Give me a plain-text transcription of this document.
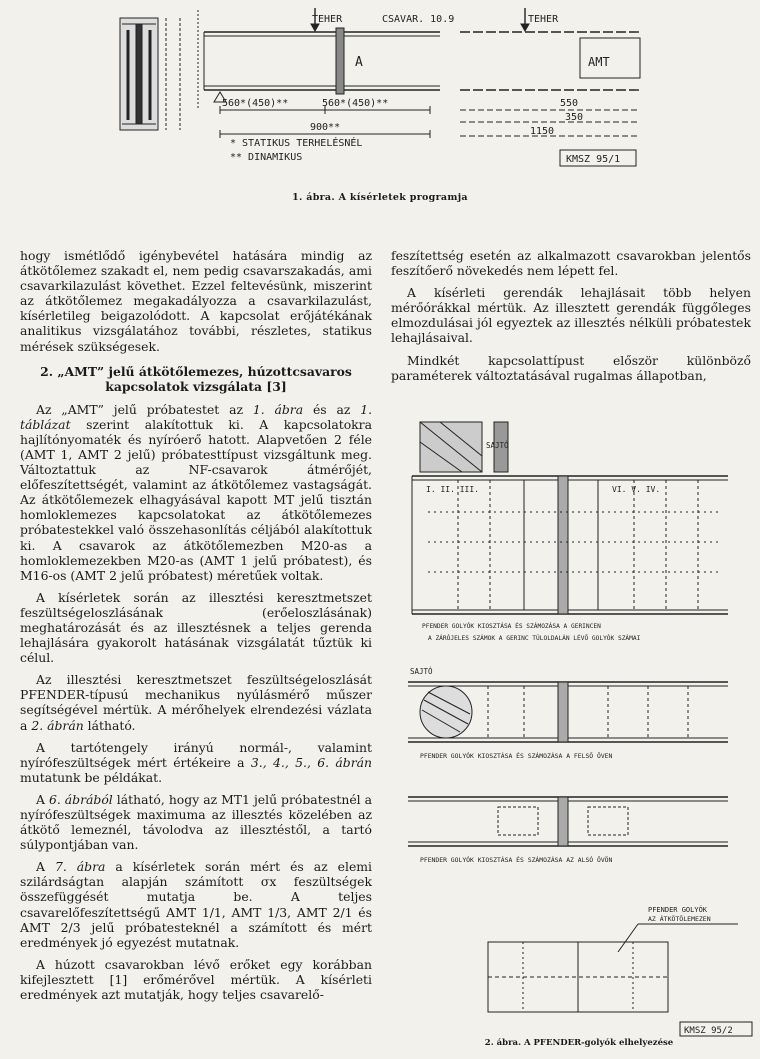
TEHER	CSAVAR. 10.9	TEHER
A	AMT
560*(450)**	560*(450)**
900**
550
350
1150
* STATIKUS TERHELÉSNÉL
** DINAMIKUS	KMSZ 95/1
1. ábra. A kísérletek programja

hogy ismétlődő igénybevétel hatására mindig az átkötőlemez szakadt el, nem pedig csavarszakadás, ami csavarkilazulást követhet. Ezzel feltevésünk, miszerint az átkötőlemez megakadályozza a csavarkilazulást, kísérletileg beigazolódott. A kapcsolat erőjátékának analitikus vizsgálatához további, részletes, statikus mérések szükségesek.

2. „AMT” jelű átkötőlemezes, húzottcsavaros kapcsolatok vizsgálata [3]

Az „AMT” jelű próbatestet az 1. ábra és az 1. táblázat szerint alakítottuk ki. A kapcsolatokra hajlítónyomaték és nyíróerő hatott. Alapvetően 2 féle (AMT 1, AMT 2 jelű) próbatesttípust vizsgáltunk meg. Változtattuk az NF-csavarok átmérőjét, előfeszítettségét, valamint az átkötőlemez vastagságát. Az átkötőlemezek elhagyásával kapott MT jelű tisztán homloklemezes kapcsolatokat az átkötőlemezes próbatestekkel való összehasonlítás céljából alakítottuk ki. A csavarok az átkötőlemezben M20-as a homloklemezekben M20-as (AMT 1 jelű próbatest), és M16-os (AMT 2 jelű próbatest) méretűek voltak.

A kísérletek során az illesztési keresztmetszet feszültségeloszlásának (erőeloszlásának) meghatározását és az illesztésnek a teljes gerenda lehajlására gyakorolt hatásának vizsgálatát tűztük ki célul.

Az illesztési keresztmetszet feszültségeloszlását PFENDER-típusú mechanikus nyúlásmérő műszer segítségével mértük. A mérőhelyek elrendezési vázlata a 2. ábrán látható.

A tartótengely irányú normál-, valamint nyírófeszültségek mért értékeire a 3., 4., 5., 6. ábrán mutatunk be példákat.

A 6. ábrából látható, hogy az MT1 jelű próbatestnél a nyírófeszültségek maximuma az illesztés közelében az átkötő lemeznél, távolodva az illesztéstől, a tartó súlypontjában van.

A 7. ábra a kísérletek során mért és az elemi szilárdságtan alapján számított σx feszültségek összefüggését mutatja be. A teljes csavarelőfeszítettségű AMT 1/1, AMT 1/3, AMT 2/1 és AMT 2/3 jelű próbatesteknél a számított és mért eredmények jó egyezést mutatnak.

A húzott csavarokban lévő erőket egy korábban kifejlesztett [1] erőmérővel mértük. A kísérleti eredmények azt mutatják, hogy teljes csavarelő-

feszítettség esetén az alkalmazott csavarokban jelentős feszítőerő növekedés nem lépett fel.

A kísérleti gerendák lehajlásait több helyen mérőórákkal mértük. Az illesztett gerendák függőleges elmozdulásai jól egyeztek az illesztés nélküli próbatestek lehajlásaival.

Mindkét kapcsolattípust először különböző paraméterek változtatásával rugalmas állapotban,

SAJTÓ
I. II. III.	VI. V. IV.
PFENDER GOLYÓK KIOSZTÁSA ÉS SZÁMOZÁSA A GERINCEN
A ZÁRÓJELES SZÁMOK A GERINC TÚLOLDALÁN LÉVŐ GOLYÓK SZÁMAI
SAJTÓ
PFENDER GOLYÓK KIOSZTÁSA ÉS SZÁMOZÁSA A FELSŐ ÖVEN
PFENDER GOLYÓK KIOSZTÁSA ÉS SZÁMOZÁSA AZ ALSÓ ÖVÖN
PFENDER GOLYÓK
AZ ÁTKÖTŐLEMEZEN
KMSZ 95/2
2. ábra. A PFENDER-golyók elhelyezése
